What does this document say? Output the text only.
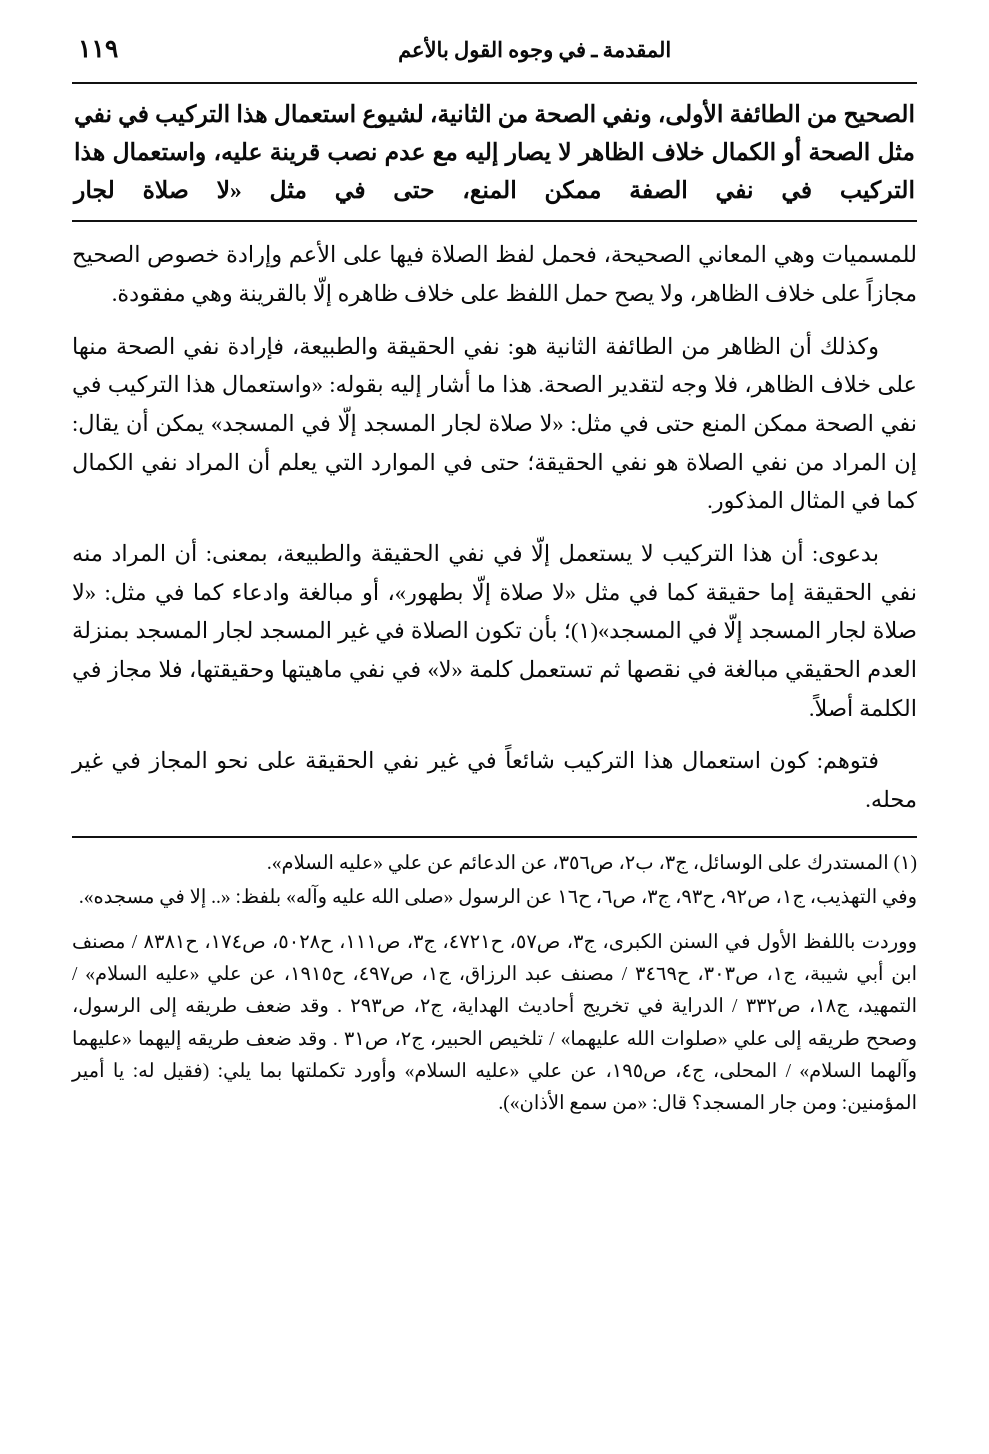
١١٩	المقدمة ـ في وجوه القول بالأعم

الصحيح من الطائفة الأولى، ونفي الصحة من الثانية، لشيوع استعمال هذا التركيب في نفي مثل الصحة أو الكمال خلاف الظاهر لا يصار إليه مع عدم نصب قرينة عليه، واستعمال هذا التركيب في نفي الصفة ممكن المنع، حتى في مثل «لا صلاة لجار

للمسميات وهي المعاني الصحيحة، فحمل لفظ الصلاة فيها على الأعم وإرادة خصوص الصحيح مجازاً على خلاف الظاهر، ولا يصح حمل اللفظ على خلاف ظاهره إلّا بالقرينة وهي مفقودة.

وكذلك أن الظاهر من الطائفة الثانية هو: نفي الحقيقة والطبيعة، فإرادة نفي الصحة منها على خلاف الظاهر، فلا وجه لتقدير الصحة. هذا ما أشار إليه بقوله: «واستعمال هذا التركيب في نفي الصحة ممكن المنع حتى في مثل: «لا صلاة لجار المسجد إلّا في المسجد» يمكن أن يقال: إن المراد من نفي الصلاة هو نفي الحقيقة؛ حتى في الموارد التي يعلم أن المراد نفي الكمال كما في المثال المذكور.

بدعوى: أن هذا التركيب لا يستعمل إلّا في نفي الحقيقة والطبيعة، بمعنى: أن المراد منه نفي الحقيقة إما حقيقة كما في مثل «لا صلاة إلّا بطهور»، أو مبالغة وادعاء كما في مثل: «لا صلاة لجار المسجد إلّا في المسجد»(١)؛ بأن تكون الصلاة في غير المسجد لجار المسجد بمنزلة العدم الحقيقي مبالغة في نقصها ثم تستعمل كلمة «لا» في نفي ماهيتها وحقيقتها، فلا مجاز في الكلمة أصلاً.

فتوهم: كون استعمال هذا التركيب شائعاً في غير نفي الحقيقة على نحو المجاز في غير محله.

(١) المستدرك على الوسائل، ج٣، ب٢، ص٣٥٦، عن الدعائم عن علي «عليه السلام».

وفي التهذيب، ج١، ص٩٢، ح٩٣، ج٣، ص٦، ح١٦ عن الرسول «صلى الله عليه وآله» بلفظ: «.. إلا في مسجده».

ووردت باللفظ الأول في السنن الكبرى، ج٣، ص٥٧، ح٤٧٢١، ج٣، ص١١١، ح٥٠٢٨، ص١٧٤، ح٨٣٨١ / مصنف ابن أبي شيبة، ج١، ص٣٠٣، ح٣٤٦٩ / مصنف عبد الرزاق، ج١، ص٤٩٧، ح١٩١٥، عن علي «عليه السلام» / التمهيد، ج١٨، ص٣٣٢ / الدراية في تخريج أحاديث الهداية، ج٢، ص٢٩٣ . وقد ضعف طريقه إلى الرسول، وصحح طريقه إلى علي «صلوات الله عليهما» / تلخيص الحبير، ج٢، ص٣١ . وقد ضعف طريقه إليهما «عليهما وآلهما السلام» / المحلى، ج٤، ص١٩٥، عن علي «عليه السلام» وأورد تكملتها بما يلي: (فقيل له: يا أمير المؤمنين: ومن جار المسجد؟ قال: «من سمع الأذان»).
